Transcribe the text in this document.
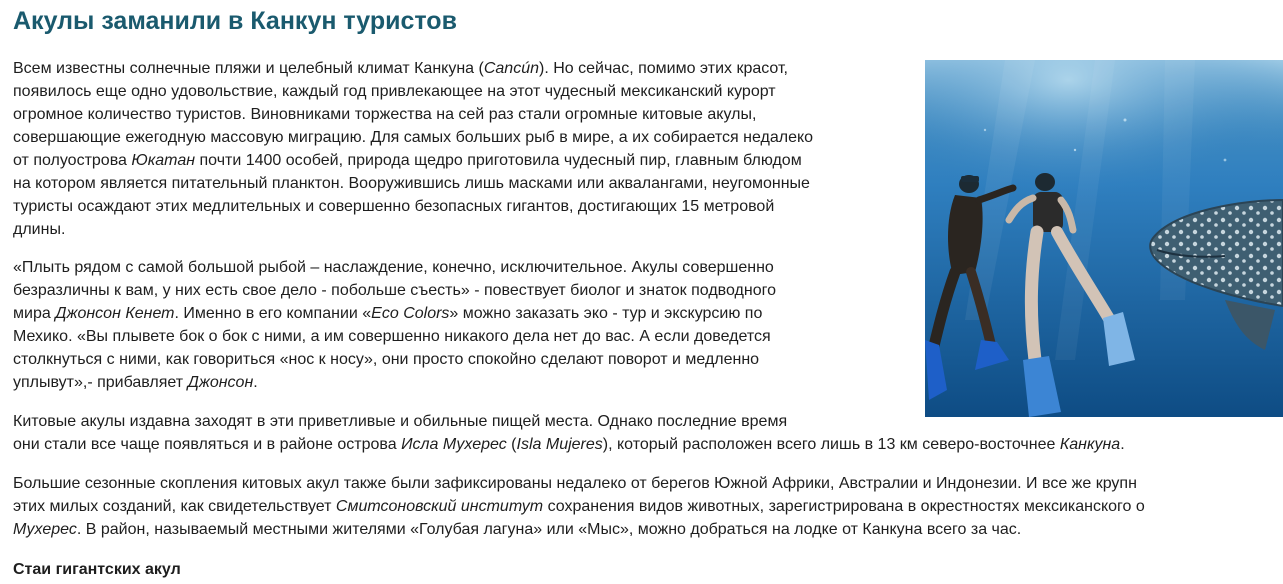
Акулы заманили в Канкун туристов

Всем известны солнечные пляжи и целебный климат Канкуна (Cancún). Но сейчас, помимо этих красот,
появилось еще одно удовольствие, каждый год привлекающее на этот чудесный мексиканский курорт
огромное количество туристов. Виновниками торжества на сей раз стали огромные китовые акулы,
совершающие ежегодную массовую миграцию. Для самых больших рыб в мире, а их собирается недалеко
от полуострова Юкатан почти 1400 особей, природа щедро приготовила чудесный пир, главным блюдом
на котором является питательный планктон. Вооружившись лишь масками или аквалангами, неугомонные
туристы осаждают этих медлительных и совершенно безопасных гигантов, достигающих 15 метровой
длины.

«Плыть рядом с самой большой рыбой – наслаждение, конечно, исключительное. Акулы совершенно
безразличны к вам, у них есть свое дело - побольше съесть» - повествует биолог и знаток подводного
мира Джонсон Кенет. Именно в его компании «Eco Colors» можно заказать эко - тур и экскурсию по
Мехико. «Вы плывете бок о бок с ними, а им совершенно никакого дела нет до вас. А если доведется
столкнуться с ними, как говориться «нос к носу», они просто спокойно сделают поворот и медленно
уплывут»,- прибавляет Джонсон.

Китовые акулы издавна заходят в эти приветливые и обильные пищей места. Однако последние время
они стали все чаще появляться и в районе острова Исла Мухерес (Isla Mujeres), который расположен всего лишь в 13 км северо-восточнее Канкуна.

Большие сезонные скопления китовых акул также были зафиксированы недалеко от берегов Южной Африки, Австралии и Индонезии. И все же крупн
этих милых созданий, как свидетельствует Смитсоновский институт сохранения видов животных, зарегистрирована в окрестностях мексиканского о
Мухерес. В район, называемый местными жителями «Голубая лагуна» или «Мыс», можно добраться на лодке от Канкуна всего за час.

Стаи гигантских акул
